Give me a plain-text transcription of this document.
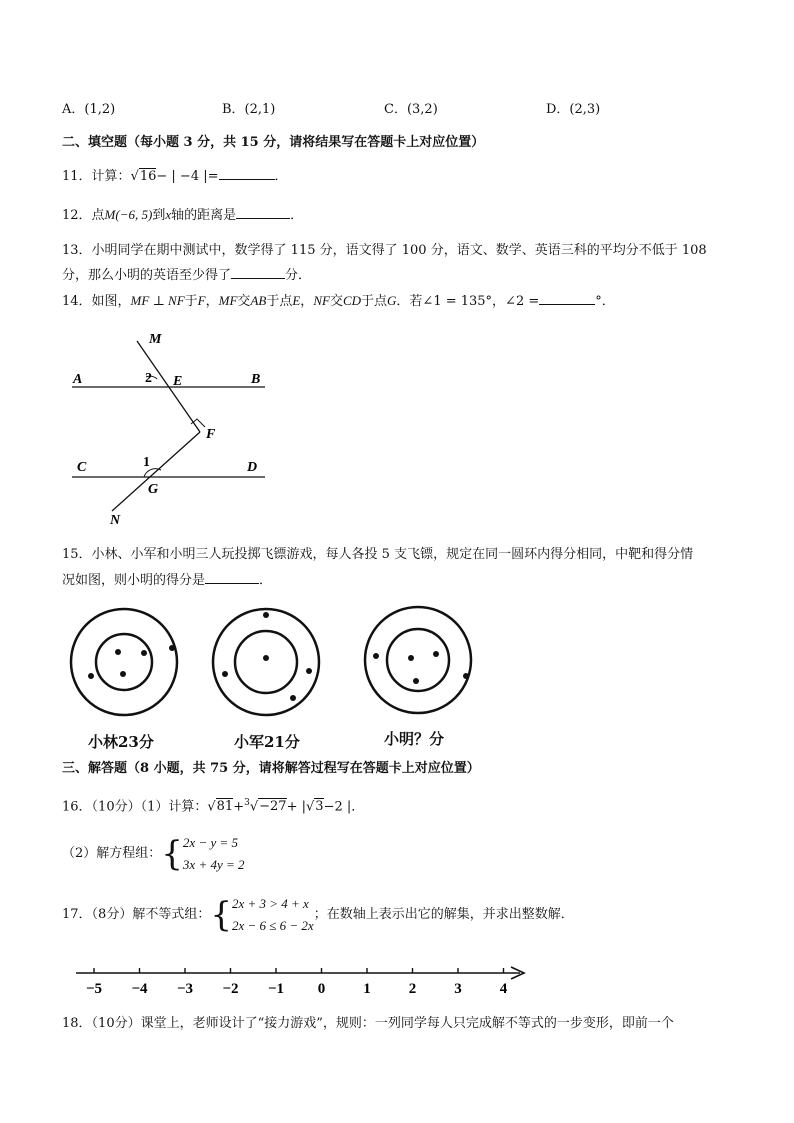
A．(1,2)	B．(2,1)	C．(3,2)	D．(2,3)
二、填空题（每小题 3 分，共 15 分，请将结果写在答题卡上对应位置）
11．计算：√16− | −4 |=	．
12．点M(−6, 5)到x轴的距离是	．
13．小明同学在期中测试中，数学得了 115 分，语文得了 100 分，语文、数学、英语三科的平均分不低于 108
分，那么小明的英语至少得了	分．
14．如图，MF ⊥ NF于F，MF交AB于点E，NF交CD于点G．若∠1 = 135°，∠2 =	°．
M
A	B
E
2
F
C	D
G
1
N
15．小林、小军和小明三人玩投掷飞镖游戏，每人各投 5 支飞镖，规定在同一圆环内得分相同，中靶和得分情
况如图，则小明的得分是	．
小林23分	小军21分	小明？分
三、解答题（8 小题，共 75 分，请将解答过程写在答题卡上对应位置）
16．（10分）（1）计算：√81+$^3$√−27+ |√3−2 |．
（2）解方程组：{ 2x − y = 5
3x + 4y = 2
17．（8分）解不等式组：{ 2x + 3 > 4 + x
2x − 6 ≤ 6 − 2x
；在数轴上表示出它的解集，并求出整数解．
−5 −4 −3 −2 −1 0	1	2	3	4
18．（10分）课堂上，老师设计了“接力游戏”，规则：一列同学每人只完成解不等式的一步变形，即前一个
